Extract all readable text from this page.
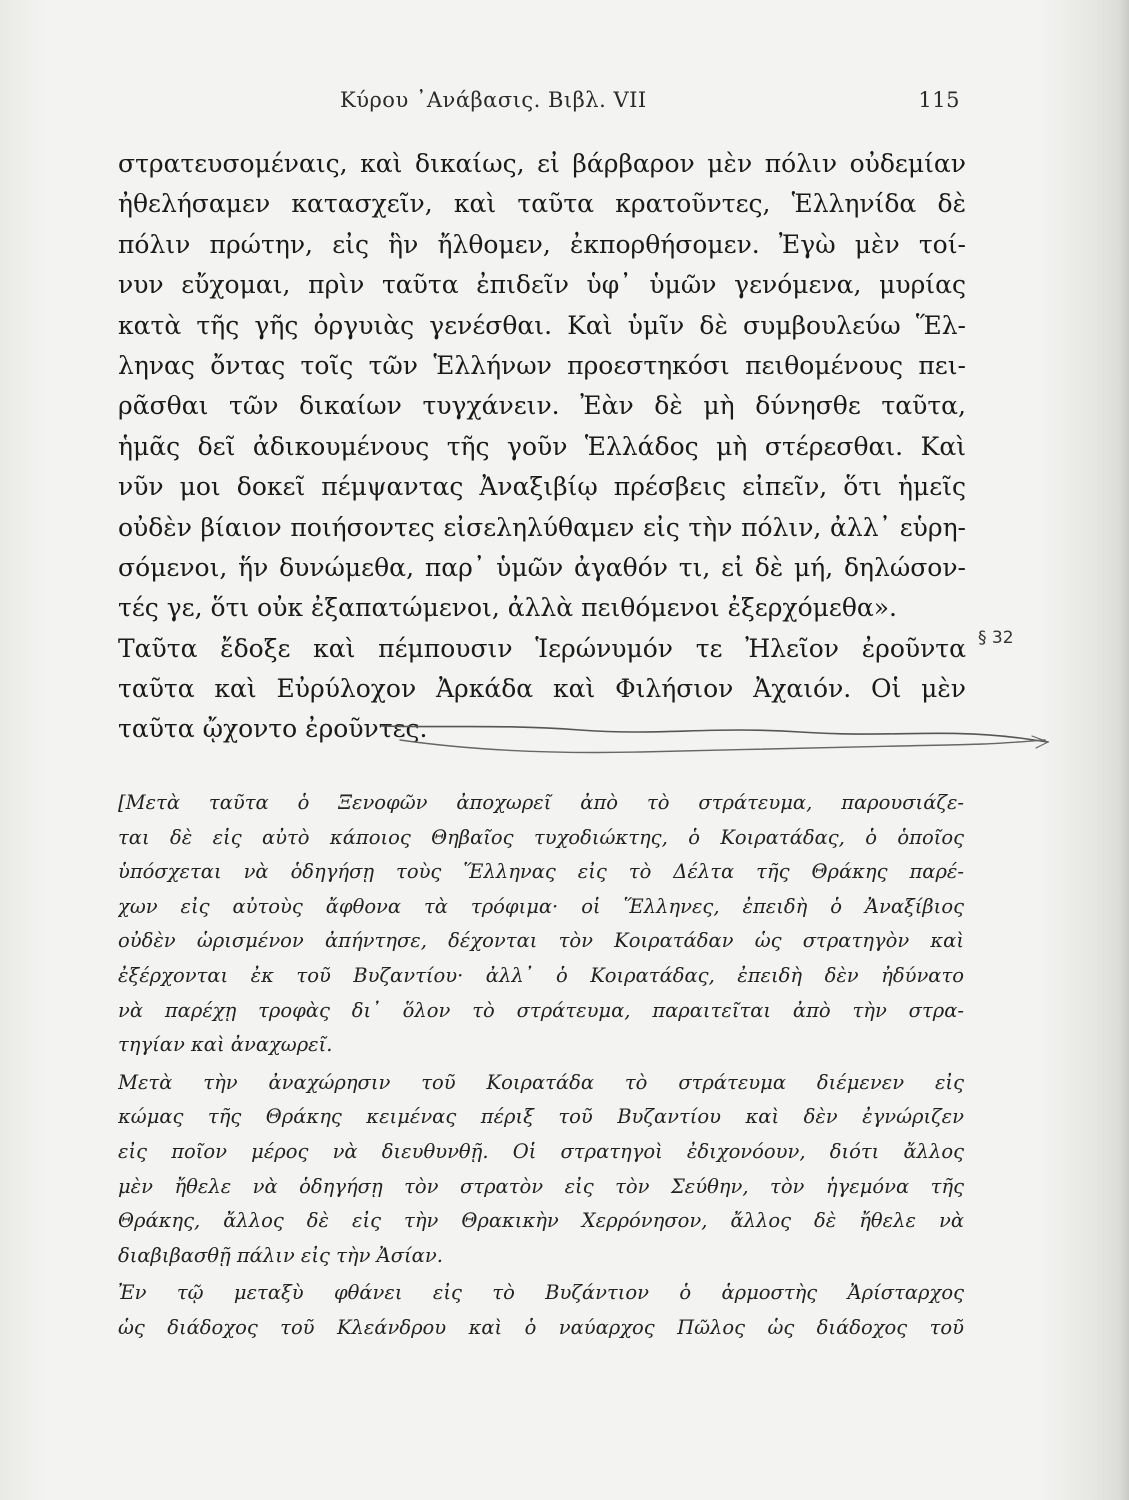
Κύρου ᾿Ανάβασις. Βιβλ. VII	115

στρατευσομέναις, καὶ δικαίως, εἰ βάρβαρον μὲν πόλιν οὐδεμίαν
ἠθελήσαμεν κατασχεῖν, καὶ ταῦτα κρατοῦντες, Ἑλληνίδα δὲ
πόλιν πρώτην, εἰς ἣν ἤλθομεν, ἐκπορθήσομεν. Ἐγὼ μὲν τοί-
νυν εὔχομαι, πρὶν ταῦτα ἐπιδεῖν ὑφ᾿ ὑμῶν γενόμενα, μυρίας
κατὰ τῆς γῆς ὀργυιὰς γενέσθαι. Καὶ ὑμῖν δὲ συμβουλεύω Ἕλ-
ληνας ὄντας τοῖς τῶν Ἑλλήνων προεστηκόσι πειθομένους πει-
ρᾶσθαι τῶν δικαίων τυγχάνειν. Ἐὰν δὲ μὴ δύνησθε ταῦτα,
ἡμᾶς δεῖ ἀδικουμένους τῆς γοῦν Ἑλλάδος μὴ στέρεσθαι. Καὶ
νῦν μοι δοκεῖ πέμψαντας Ἀναξιβίῳ πρέσβεις εἰπεῖν, ὅτι ἡμεῖς
οὐδὲν βίαιον ποιήσοντες εἰσεληλύθαμεν εἰς τὴν πόλιν, ἀλλ᾿ εὑρη-
σόμενοι, ἥν δυνώμεθα, παρ᾿ ὑμῶν ἀγαθόν τι, εἰ δὲ μή, δηλώσον-
τές γε, ὅτι οὐκ ἐξαπατώμενοι, ἀλλὰ πειθόμενοι ἐξερχόμεθα».

Ταῦτα ἔδοξε καὶ πέμπουσιν Ἱερώνυμόν τε Ἠλεῖον ἐροῦντα
ταῦτα καὶ Εὐρύλοχον Ἀρκάδα καὶ Φιλήσιον Ἀχαιόν. Οἱ μὲν
ταῦτα ᾤχοντο ἐροῦντες.

§ 32
[Μετὰ ταῦτα ὁ Ξενοφῶν ἀποχωρεῖ ἀπὸ τὸ στράτευμα, παρουσιάζε-
ται δὲ εἰς αὐτὸ κάποιος Θηβαῖος τυχοδιώκτης, ὁ Κοιρατάδας, ὁ ὁποῖος
ὑπόσχεται νὰ ὁδηγήσῃ τοὺς Ἕλληνας εἰς τὸ Δέλτα τῆς Θράκης παρέ-
χων εἰς αὐτοὺς ἄφθονα τὰ τρόφιμα· οἱ Ἕλληνες, ἐπειδὴ ὁ Ἀναξίβιος
οὐδὲν ὡρισμένον ἀπήντησε, δέχονται τὸν Κοιρατάδαν ὡς στρατηγὸν καὶ
ἐξέρχονται ἐκ τοῦ Βυζαντίου· ἀλλ᾿ ὁ Κοιρατάδας, ἐπειδὴ δὲν ἠδύνατο
νὰ παρέχῃ τροφὰς δι᾿ ὅλον τὸ στράτευμα, παραιτεῖται ἀπὸ τὴν στρα-
τηγίαν καὶ ἀναχωρεῖ.
Μετὰ τὴν ἀναχώρησιν τοῦ Κοιρατάδα τὸ στράτευμα διέμενεν εἰς
κώμας τῆς Θράκης κειμένας πέριξ τοῦ Βυζαντίου καὶ δὲν ἐγνώριζεν
εἰς ποῖον μέρος νὰ διευθυνθῇ. Οἱ στρατηγοὶ ἐδιχονόουν, διότι ἄλλος
μὲν ἤθελε νὰ ὁδηγήσῃ τὸν στρατὸν εἰς τὸν Σεύθην, τὸν ἡγεμόνα τῆς
Θράκης, ἄλλος δὲ εἰς τὴν Θρακικὴν Χερρόνησον, ἄλλος δὲ ἤθελε νὰ
διαβιβασθῇ πάλιν εἰς τὴν Ἀσίαν.
Ἐν τῷ μεταξὺ φθάνει εἰς τὸ Βυζάντιον ὁ ἁρμοστὴς Ἀρίσταρχος
ὡς διάδοχος τοῦ Κλεάνδρου καὶ ὁ ναύαρχος Πῶλος ὡς διάδοχος τοῦ
